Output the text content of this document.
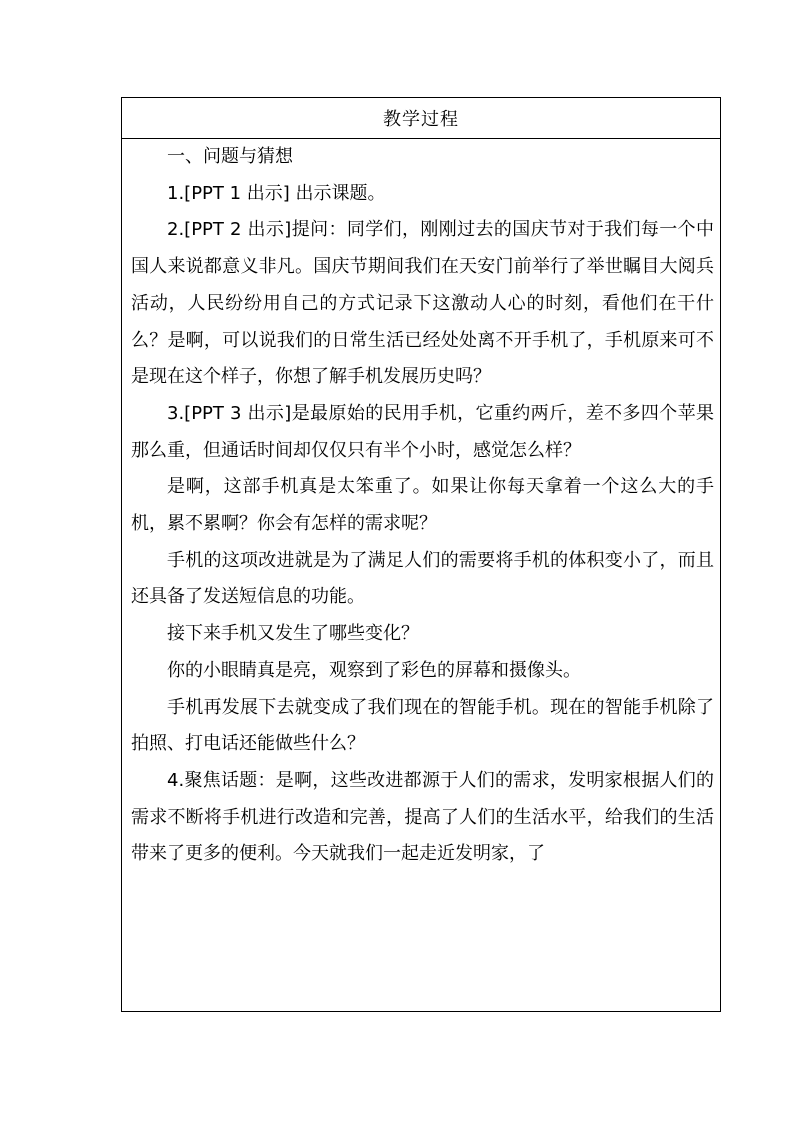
教学过程

一、问题与猜想

1.[PPT 1 出示] 出示课题。

2.[PPT 2 出示]提问：同学们，刚刚过去的国庆节对于我们每一个中国人来说都意义非凡。国庆节期间我们在天安门前举行了举世瞩目大阅兵活动，人民纷纷用自己的方式记录下这激动人心的时刻，看他们在干什么？是啊，可以说我们的日常生活已经处处离不开手机了，手机原来可不是现在这个样子，你想了解手机发展历史吗？

3.[PPT 3 出示]是最原始的民用手机，它重约两斤，差不多四个苹果那么重，但通话时间却仅仅只有半个小时，感觉怎么样？

是啊，这部手机真是太笨重了。如果让你每天拿着一个这么大的手机，累不累啊？你会有怎样的需求呢？

手机的这项改进就是为了满足人们的需要将手机的体积变小了，而且还具备了发送短信息的功能。

接下来手机又发生了哪些变化？

你的小眼睛真是亮，观察到了彩色的屏幕和摄像头。

手机再发展下去就变成了我们现在的智能手机。现在的智能手机除了拍照、打电话还能做些什么？

4.聚焦话题：是啊，这些改进都源于人们的需求，发明家根据人们的需求不断将手机进行改造和完善，提高了人们的生活水平，给我们的生活带来了更多的便利。今天就我们一起走近发明家，了
